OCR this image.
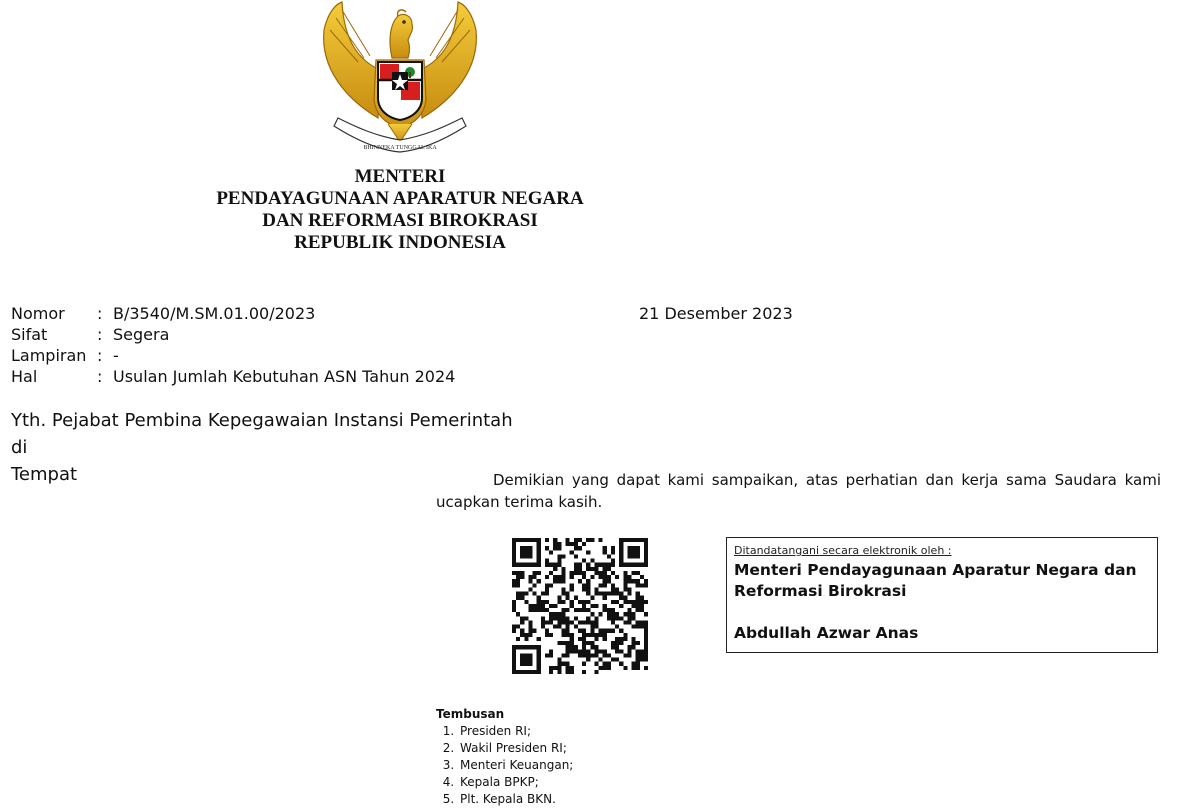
BHINNEKA TUNGGAL IKA
MENTERI
PENDAYAGUNAAN APARATUR NEGARA
DAN REFORMASI BIROKRASI
REPUBLIK INDONESIA
Nomor	: B/3540/M.SM.01.00/2023
Sifat	: Segera
Lampiran : -
Hal	: Usulan Jumlah Kebutuhan ASN Tahun 2024
21 Desember 2023
Yth. Pejabat Pembina Kepegawaian Instansi Pemerintah
di
Tempat	Demikian yang dapat kami sampaikan, atas perhatian dan kerja sama Saudara kami ucapkan terima kasih.
Ditandatangani secara elektronik oleh :
Menteri Pendayagunaan Aparatur Negara dan
Reformasi Birokrasi
Abdullah Azwar Anas
Tembusan
1. Presiden RI;
2. Wakil Presiden RI;
3. Menteri Keuangan;
4. Kepala BPKP;
5. Plt. Kepala BKN.
